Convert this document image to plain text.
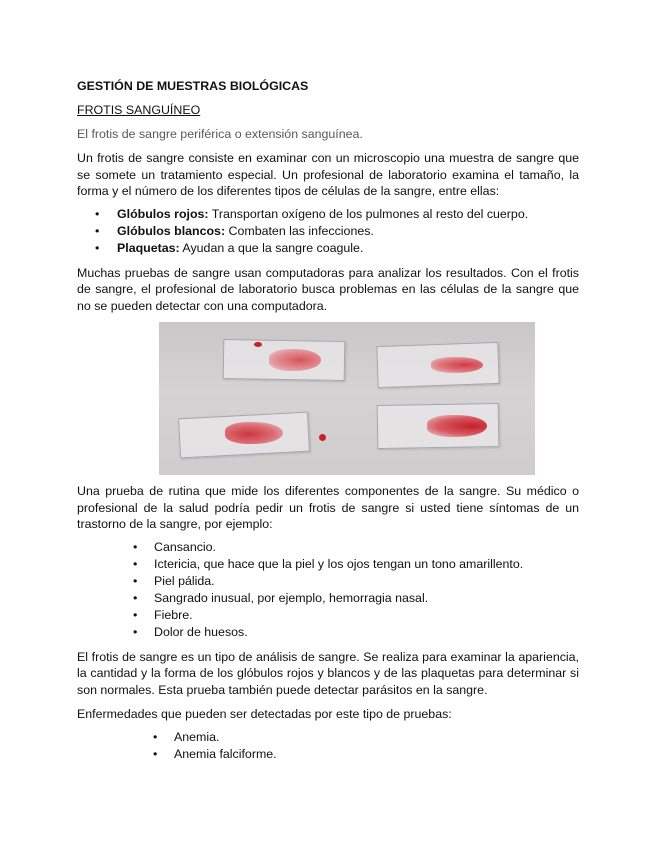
GESTIÓN DE MUESTRAS BIOLÓGICAS
FROTIS SANGUÍNEO
El frotis de sangre periférica o extensión sanguínea.

Un frotis de sangre consiste en examinar con un microscopio una muestra de sangre que se somete un tratamiento especial. Un profesional de laboratorio examina el tamaño, la forma y el número de los diferentes tipos de células de la sangre, entre ellas:

• Glóbulos rojos: Transportan oxígeno de los pulmones al resto del cuerpo.
• Glóbulos blancos: Combaten las infecciones.
• Plaquetas: Ayudan a que la sangre coagule.

Muchas pruebas de sangre usan computadoras para analizar los resultados. Con el frotis de sangre, el profesional de laboratorio busca problemas en las células de la sangre que no se pueden detectar con una computadora.

Una prueba de rutina que mide los diferentes componentes de la sangre. Su médico o profesional de la salud podría pedir un frotis de sangre si usted tiene síntomas de un trastorno de la sangre, por ejemplo:

• Cansancio.
• Ictericia, que hace que la piel y los ojos tengan un tono amarillento.
• Piel pálida.
• Sangrado inusual, por ejemplo, hemorragia nasal.
• Fiebre.
• Dolor de huesos.

El frotis de sangre es un tipo de análisis de sangre. Se realiza para examinar la apariencia, la cantidad y la forma de los glóbulos rojos y blancos y de las plaquetas para determinar si son normales. Esta prueba también puede detectar parásitos en la sangre.

Enfermedades que pueden ser detectadas por este tipo de pruebas:

• Anemia.
• Anemia falciforme.
